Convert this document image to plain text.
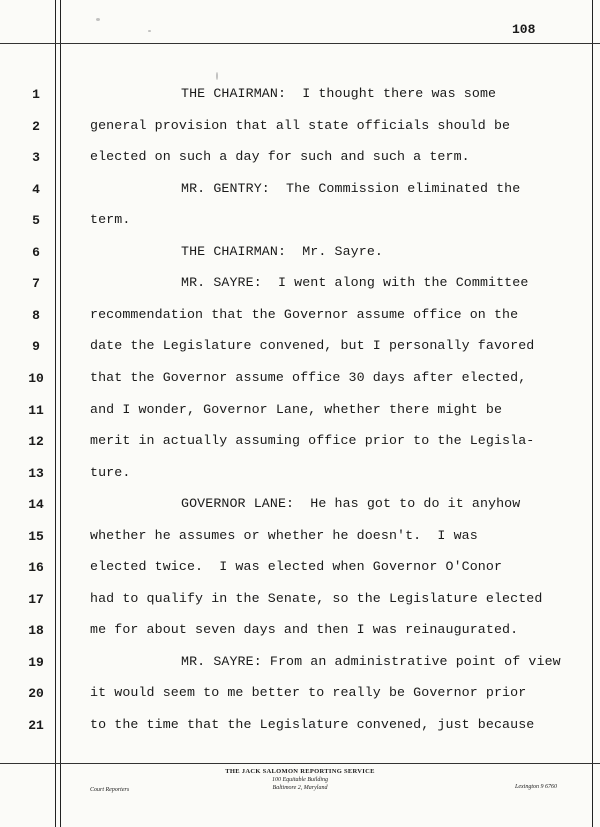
108
1	THE CHAIRMAN:  I thought there was some
2	general provision that all state officials should be
3	elected on such a day for such and such a term.
4	MR. GENTRY:  The Commission eliminated the
5	term.
6	THE CHAIRMAN:  Mr. Sayre.
7	MR. SAYRE:  I went along with the Committee
8	recommendation that the Governor assume office on the
9	date the Legislature convened, but I personally favored
10	that the Governor assume office 30 days after elected,
11	and I wonder, Governor Lane, whether there might be
12	merit in actually assuming office prior to the Legisla-
13	ture.
14	GOVERNOR LANE:  He has got to do it anyhow
15	whether he assumes or whether he doesn't.  I was
16	elected twice.  I was elected when Governor O'Conor
17	had to qualify in the Senate, so the Legislature elected
18	me for about seven days and then I was reinaugurated.
19	MR. SAYRE: From an administrative point of view
20	it would seem to me better to really be Governor prior
21	to the time that the Legislature convened, just because
THE JACK SALOMON REPORTING SERVICE
100 Equitable Building
Baltimore 2, Maryland
Court Reporters	Lexington 9 6760
